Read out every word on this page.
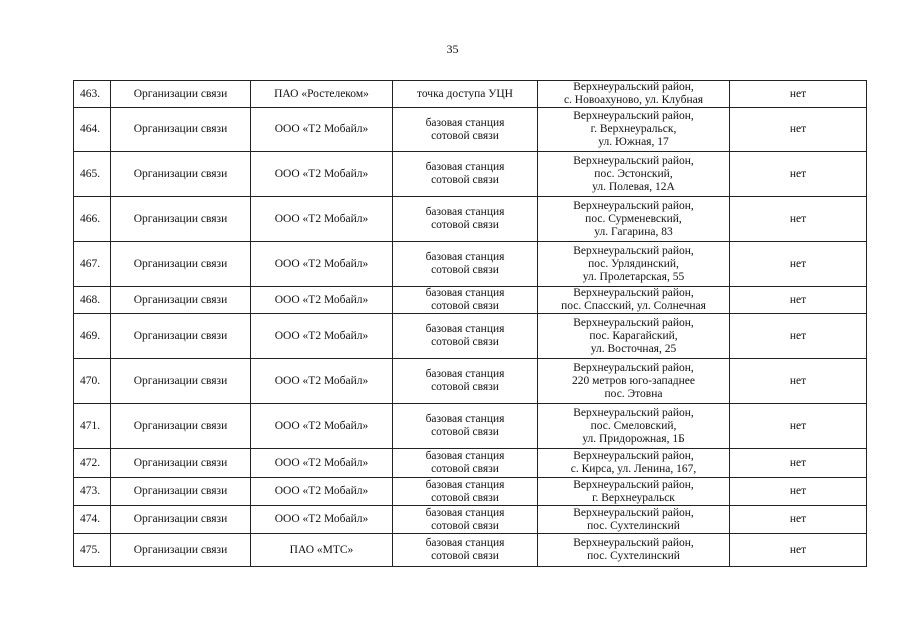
35
463.	Организации связи	ПАО «Ростелеком»	точка доступа УЦН	Верхнеуральский район,
с. Новоахуново, ул. Клубная	нет
464.	Организации связи	ООО «Т2 Мобайл»	базовая станция
сотовой связи	Верхнеуральский район,
г. Верхнеуральск,
ул. Южная, 17	нет
465.	Организации связи	ООО «Т2 Мобайл»	базовая станция
сотовой связи	Верхнеуральский район,
пос. Эстонский,
ул. Полевая, 12А	нет
466.	Организации связи	ООО «Т2 Мобайл»	базовая станция
сотовой связи	Верхнеуральский район,
пос. Сурменевский,
ул. Гагарина, 83	нет
467.	Организации связи	ООО «Т2 Мобайл»	базовая станция
сотовой связи	Верхнеуральский район,
пос. Урлядинский,
ул. Пролетарская, 55	нет
468.	Организации связи	ООО «Т2 Мобайл»	базовая станция
сотовой связи	Верхнеуральский район,
пос. Спасский, ул. Солнечная	нет
469.	Организации связи	ООО «Т2 Мобайл»	базовая станция
сотовой связи	Верхнеуральский район,
пос. Карагайский,
ул. Восточная, 25	нет
470.	Организации связи	ООО «Т2 Мобайл»	базовая станция
сотовой связи	Верхнеуральский район,
220 метров юго-западнее
пос. Этовна	нет
471.	Организации связи	ООО «Т2 Мобайл»	базовая станция
сотовой связи	Верхнеуральский район,
пос. Смеловский,
ул. Придорожная, 1Б	нет
472.	Организации связи	ООО «Т2 Мобайл»	базовая станция
сотовой связи	Верхнеуральский район,
с. Кирса, ул. Ленина, 167,	нет
473.	Организации связи	ООО «Т2 Мобайл»	базовая станция
сотовой связи	Верхнеуральский район,
г. Верхнеуральск	нет
474.	Организации связи	ООО «Т2 Мобайл»	базовая станция
сотовой связи	Верхнеуральский район,
пос. Сухтелинский	нет
475.	Организации связи	ПАО «МТС»	базовая станция
сотовой связи	Верхнеуральский район,
пос. Сухтелинский	нет
